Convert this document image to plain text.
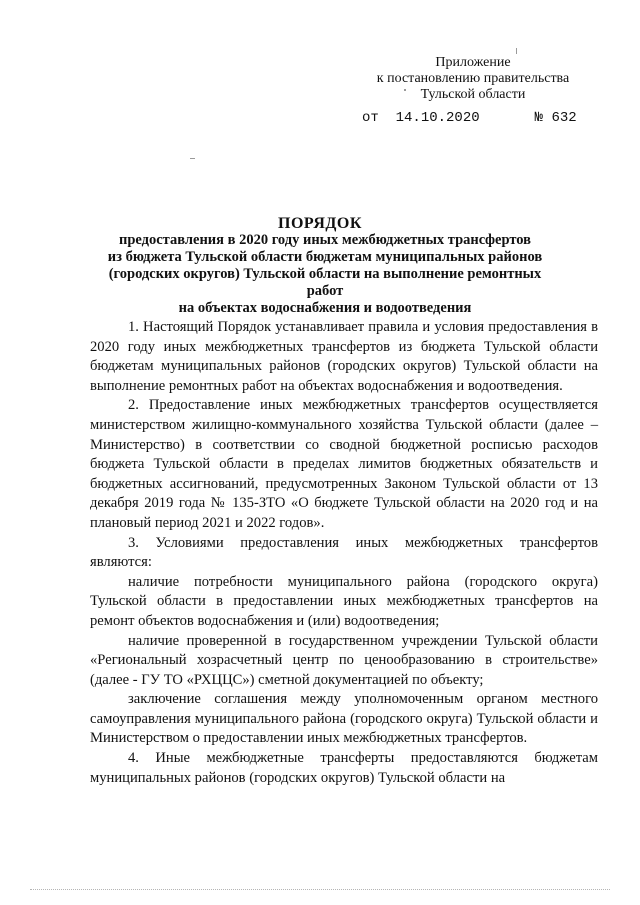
Приложение
к постановлению правительства
Тульской области
от 14.10.2020	№ 632
ПОРЯДОК
предоставления в 2020 году иных межбюджетных трансфертов
из бюджета Тульской области бюджетам муниципальных районов
(городских округов) Тульской области на выполнение ремонтных работ
на объектах водоснабжения и водоотведения

1. Настоящий Порядок устанавливает правила и условия предоставления в 2020 году иных межбюджетных трансфертов из бюджета Тульской области бюджетам муниципальных районов (городских округов) Тульской области на выполнение ремонтных работ на объектах водоснабжения и водоотведения.

2. Предоставление иных межбюджетных трансфертов осуществляется министерством жилищно-коммунального хозяйства Тульской области (далее – Министерство) в соответствии со сводной бюджетной росписью расходов бюджета Тульской области в пределах лимитов бюджетных обязательств и бюджетных ассигнований, предусмотренных Законом Тульской области от 13 декабря 2019 года № 135-ЗТО «О бюджете Тульской области на 2020 год и на плановый период 2021 и 2022 годов».

3. Условиями предоставления иных межбюджетных трансфертов являются:

наличие потребности муниципального района (городского округа) Тульской области в предоставлении иных межбюджетных трансфертов на ремонт объектов водоснабжения и (или) водоотведения;

наличие проверенной в государственном учреждении Тульской области «Региональный хозрасчетный центр по ценообразованию в строительстве» (далее - ГУ ТО «РХЦЦС») сметной документацией по объекту;

заключение соглашения между уполномоченным органом местного самоуправления муниципального района (городского округа) Тульской области и Министерством о предоставлении иных межбюджетных трансфертов.

4. Иные межбюджетные трансферты предоставляются бюджетам муниципальных районов (городских округов) Тульской области на
